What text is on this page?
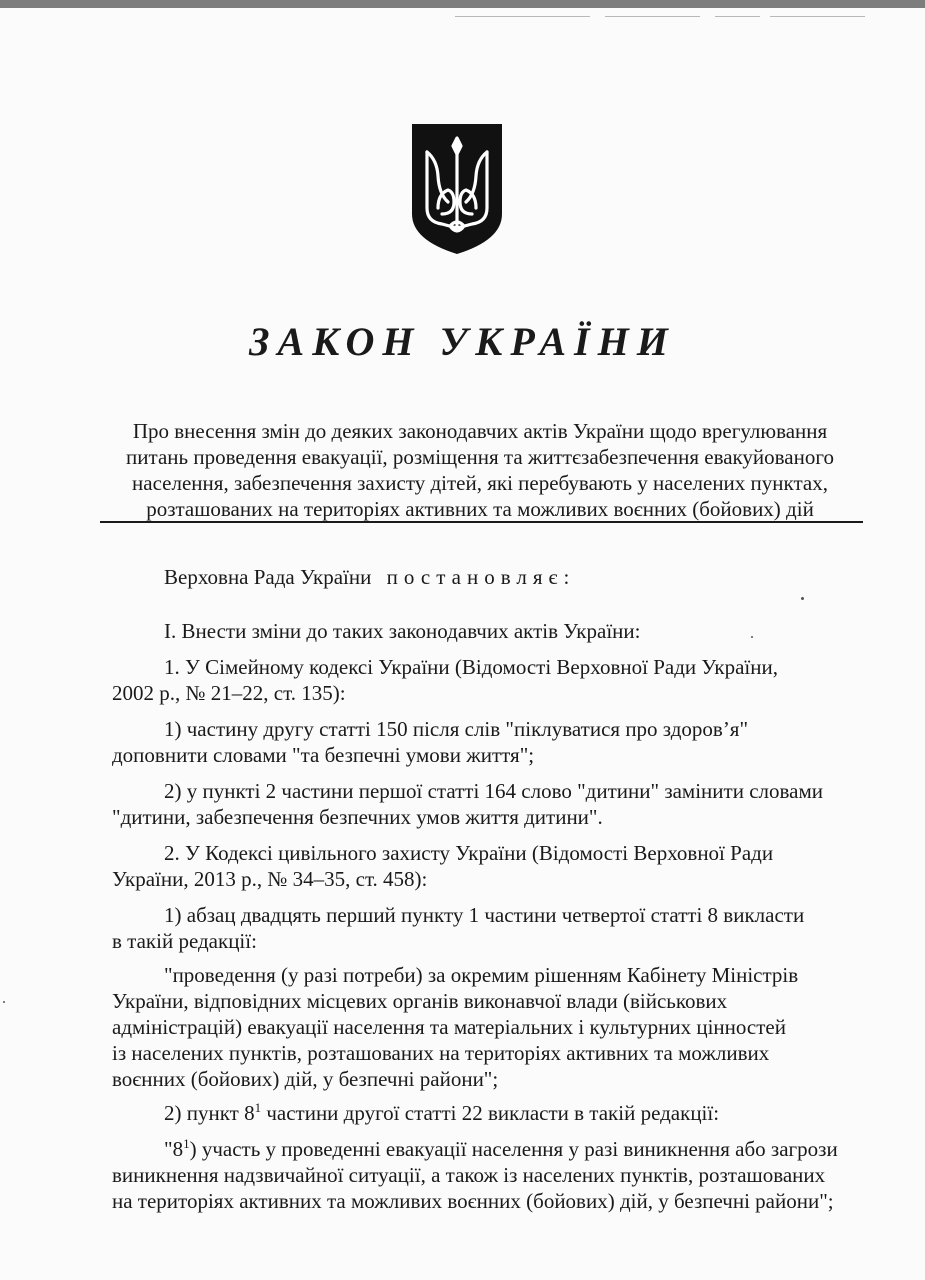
ЗАКОН УКРАЇНИ

Про внесення змін до деяких законодавчих актів України щодо врегулювання
питань проведення евакуації, розміщення та життєзабезпечення евакуйованого
населення, забезпечення захисту дітей, які перебувають у населених пунктах,
розташованих на територіях активних та можливих воєнних (бойових) дій

Верховна Рада України постановляє:

I. Внести зміни до таких законодавчих актів України:

1. У Сімейному кодексі України (Відомості Верховної Ради України,
2002 р., № 21–22, ст. 135):

1) частину другу статті 150 після слів "піклуватися про здоров’я"
доповнити словами "та безпечні умови життя";

2) у пункті 2 частини першої статті 164 слово "дитини" замінити словами
"дитини, забезпечення безпечних умов життя дитини".

2. У Кодексі цивільного захисту України (Відомості Верховної Ради
України, 2013 р., № 34–35, ст. 458):

1) абзац двадцять перший пункту 1 частини четвертої статті 8 викласти
в такій редакції:

"проведення (у разі потреби) за окремим рішенням Кабінету Міністрів
України, відповідних місцевих органів виконавчої влади (військових
адміністрацій) евакуації населення та матеріальних і культурних цінностей
із населених пунктів, розташованих на територіях активних та можливих
воєнних (бойових) дій, у безпечні райони";

2) пункт $8^1$ частини другої статті 22 викласти в такій редакції:

"$8^1$) участь у проведенні евакуації населення у разі виникнення або загрози
виникнення надзвичайної ситуації, а також із населених пунктів, розташованих
на територіях активних та можливих воєнних (бойових) дій, у безпечні райони";
